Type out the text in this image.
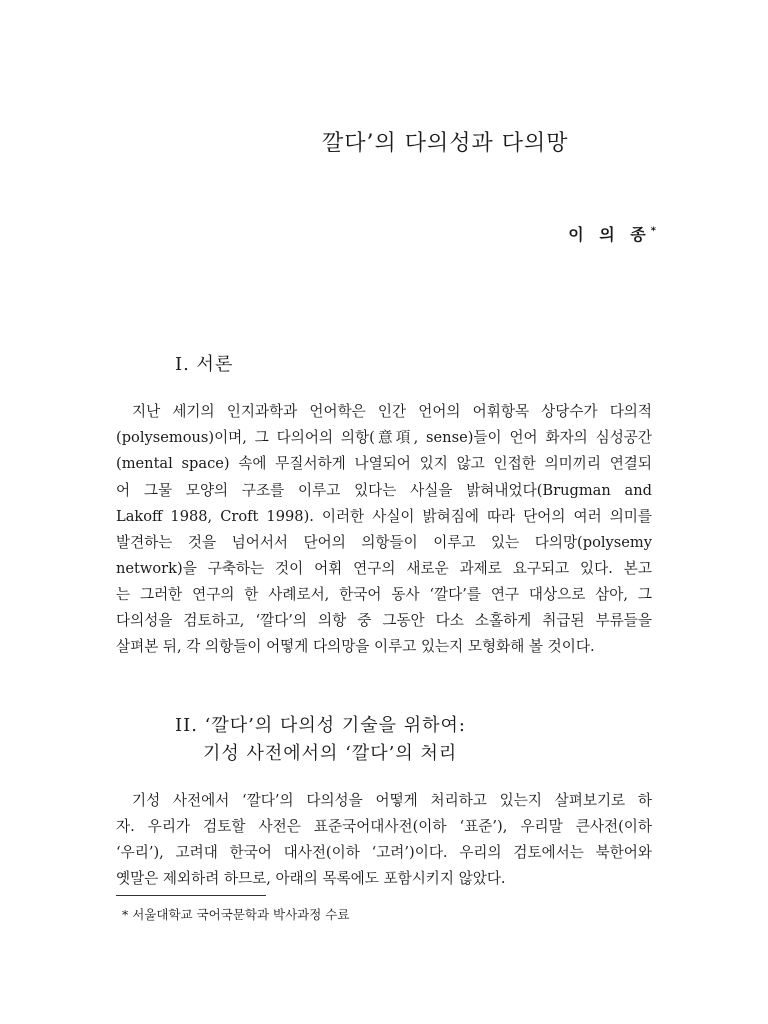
깔다’의 다의성과 다의망
이 의 종*
Ⅰ. 서론
지난 세기의 인지과학과 언어학은 인간 언어의 어휘항목 상당수가 다의적
(polysemous)이며, 그 다의어의 의항(意項, sense)들이 언어 화자의 심성공간
(mental space) 속에 무질서하게 나열되어 있지 않고 인접한 의미끼리 연결되
어 그물 모양의 구조를 이루고 있다는 사실을 밝혀내었다(Brugman and
Lakoff 1988, Croft 1998). 이러한 사실이 밝혀짐에 따라 단어의 여러 의미를
발견하는 것을 넘어서서 단어의 의항들이 이루고 있는 다의망(polysemy
network)을 구축하는 것이 어휘 연구의 새로운 과제로 요구되고 있다. 본고
는 그러한 연구의 한 사례로서, 한국어 동사 ‘깔다’를 연구 대상으로 삼아, 그
다의성을 검토하고, ‘깔다’의 의항 중 그동안 다소 소홀하게 취급된 부류들을
살펴본 뒤, 각 의항들이 어떻게 다의망을 이루고 있는지 모형화해 볼 것이다.
II. ‘깔다’의 다의성 기술을 위하여:
기성 사전에서의 ‘깔다’의 처리
기성 사전에서 ‘깔다’의 다의성을 어떻게 처리하고 있는지 살펴보기로 하
자. 우리가 검토할 사전은 표준국어대사전(이하 ‘표준’), 우리말 큰사전(이하
‘우리’), 고려대 한국어 대사전(이하 ‘고려’)이다. 우리의 검토에서는 북한어와
옛말은 제외하려 하므로, 아래의 목록에도 포함시키지 않았다.
* 서울대학교 국어국문학과 박사과정 수료
